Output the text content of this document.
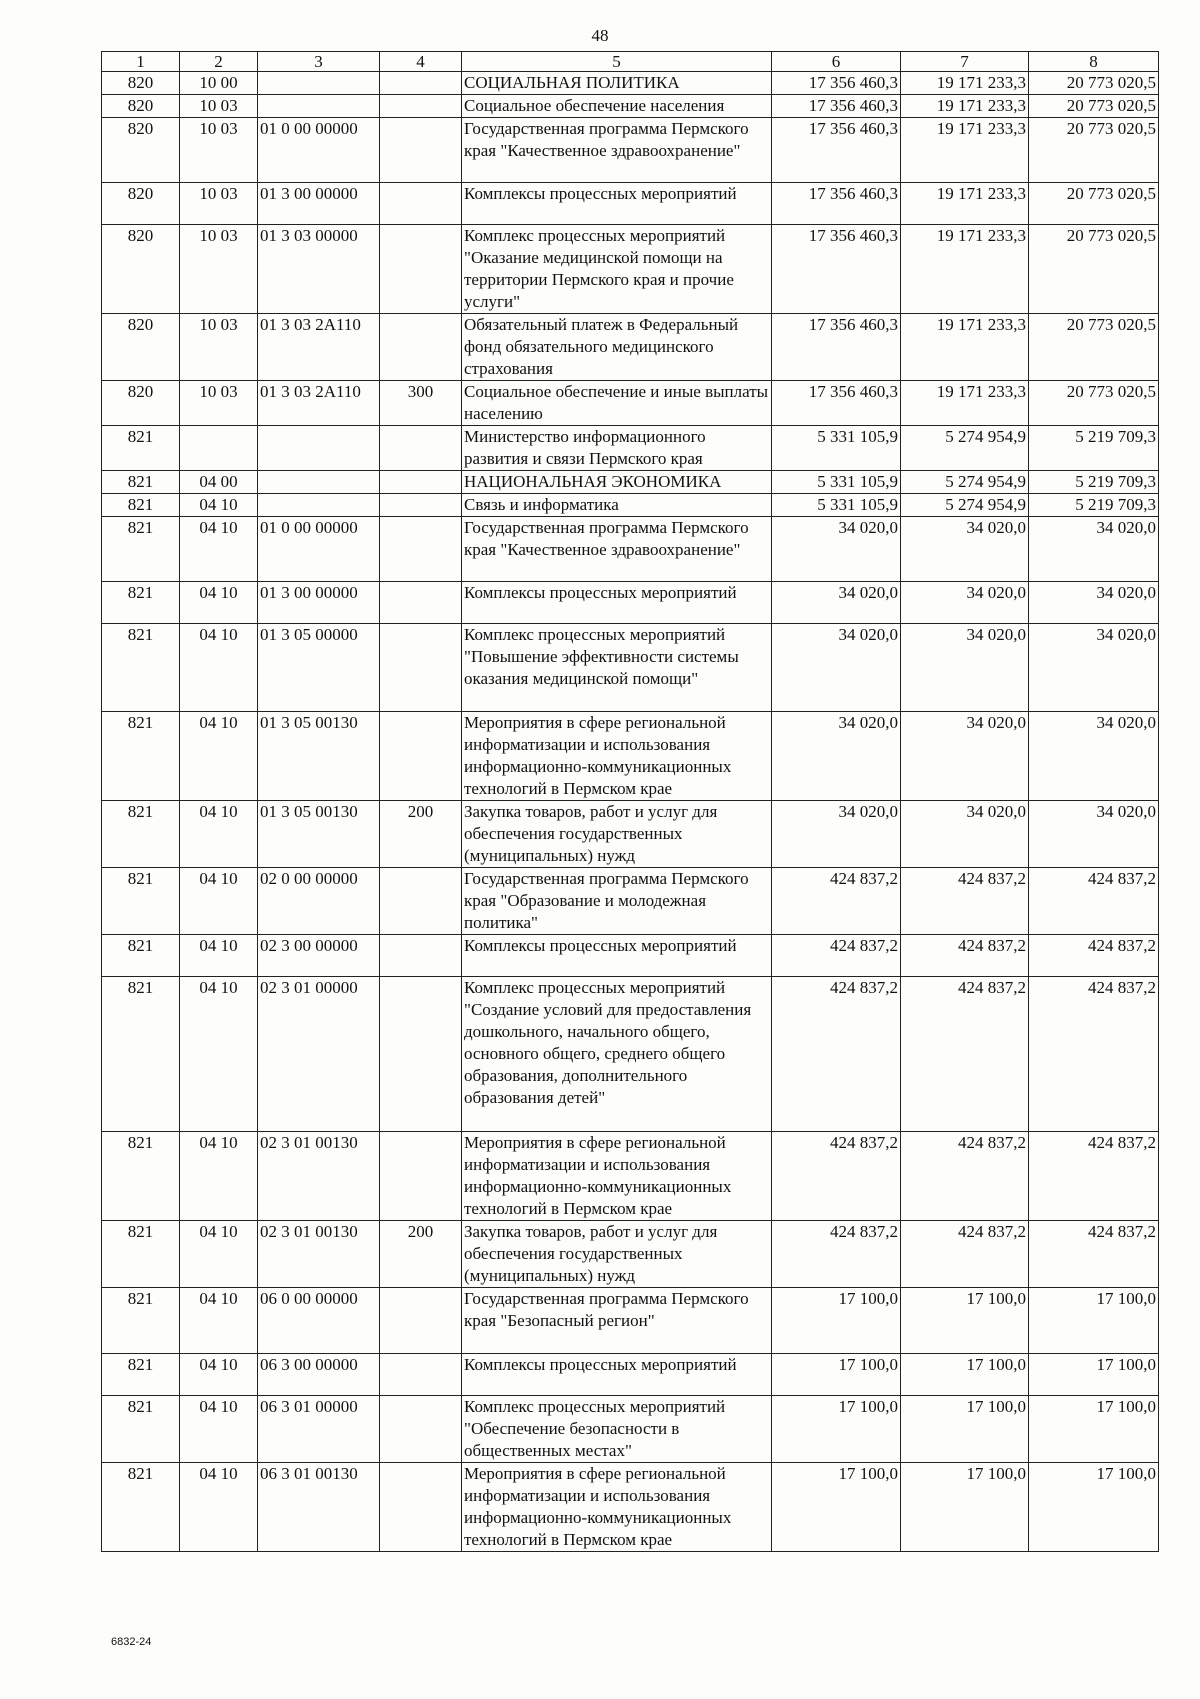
48
1	2	3	4	5	6	7	8
820	10 00			СОЦИАЛЬНАЯ ПОЛИТИКА	17 356 460,3	19 171 233,3	20 773 020,5
820	10 03			Социальное обеспечение населения	17 356 460,3	19 171 233,3	20 773 020,5
820	10 03	01 0 00 00000		Государственная программа Пермского края "Качественное здравоохранение"	17 356 460,3	19 171 233,3	20 773 020,5
820	10 03	01 3 00 00000		Комплексы процессных мероприятий	17 356 460,3	19 171 233,3	20 773 020,5
820	10 03	01 3 03 00000		Комплекс процессных мероприятий "Оказание медицинской помощи на территории Пермского края и прочие услуги"	17 356 460,3	19 171 233,3	20 773 020,5
820	10 03	01 3 03 2A110		Обязательный платеж в Федеральный фонд обязательного медицинского страхования	17 356 460,3	19 171 233,3	20 773 020,5
820	10 03	01 3 03 2A110	300	Социальное обеспечение и иные выплаты населению	17 356 460,3	19 171 233,3	20 773 020,5
821				Министерство информационного развития и связи Пермского края	5 331 105,9	5 274 954,9	5 219 709,3
821	04 00			НАЦИОНАЛЬНАЯ ЭКОНОМИКА	5 331 105,9	5 274 954,9	5 219 709,3
821	04 10			Связь и информатика	5 331 105,9	5 274 954,9	5 219 709,3
821	04 10	01 0 00 00000		Государственная программа Пермского края "Качественное здравоохранение"	34 020,0	34 020,0	34 020,0
821	04 10	01 3 00 00000		Комплексы процессных мероприятий	34 020,0	34 020,0	34 020,0
821	04 10	01 3 05 00000		Комплекс процессных мероприятий "Повышение эффективности системы оказания медицинской помощи"	34 020,0	34 020,0	34 020,0
821	04 10	01 3 05 00130		Мероприятия в сфере региональной информатизации и использования информационно-коммуникационных технологий в Пермском крае	34 020,0	34 020,0	34 020,0
821	04 10	01 3 05 00130	200	Закупка товаров, работ и услуг для обеспечения государственных (муниципальных) нужд	34 020,0	34 020,0	34 020,0
821	04 10	02 0 00 00000		Государственная программа Пермского края "Образование и молодежная политика"	424 837,2	424 837,2	424 837,2
821	04 10	02 3 00 00000		Комплексы процессных мероприятий	424 837,2	424 837,2	424 837,2
821	04 10	02 3 01 00000		Комплекс процессных мероприятий "Создание условий для предоставления дошкольного, начального общего, основного общего, среднего общего образования, дополнительного образования детей"	424 837,2	424 837,2	424 837,2
821	04 10	02 3 01 00130		Мероприятия в сфере региональной информатизации и использования информационно-коммуникационных технологий в Пермском крае	424 837,2	424 837,2	424 837,2
821	04 10	02 3 01 00130	200	Закупка товаров, работ и услуг для обеспечения государственных (муниципальных) нужд	424 837,2	424 837,2	424 837,2
821	04 10	06 0 00 00000		Государственная программа Пермского края "Безопасный регион"	17 100,0	17 100,0	17 100,0
821	04 10	06 3 00 00000		Комплексы процессных мероприятий	17 100,0	17 100,0	17 100,0
821	04 10	06 3 01 00000		Комплекс процессных мероприятий "Обеспечение безопасности в общественных местах"	17 100,0	17 100,0	17 100,0
821	04 10	06 3 01 00130		Мероприятия в сфере региональной информатизации и использования информационно-коммуникационных технологий в Пермском крае	17 100,0	17 100,0	17 100,0
6832-24
